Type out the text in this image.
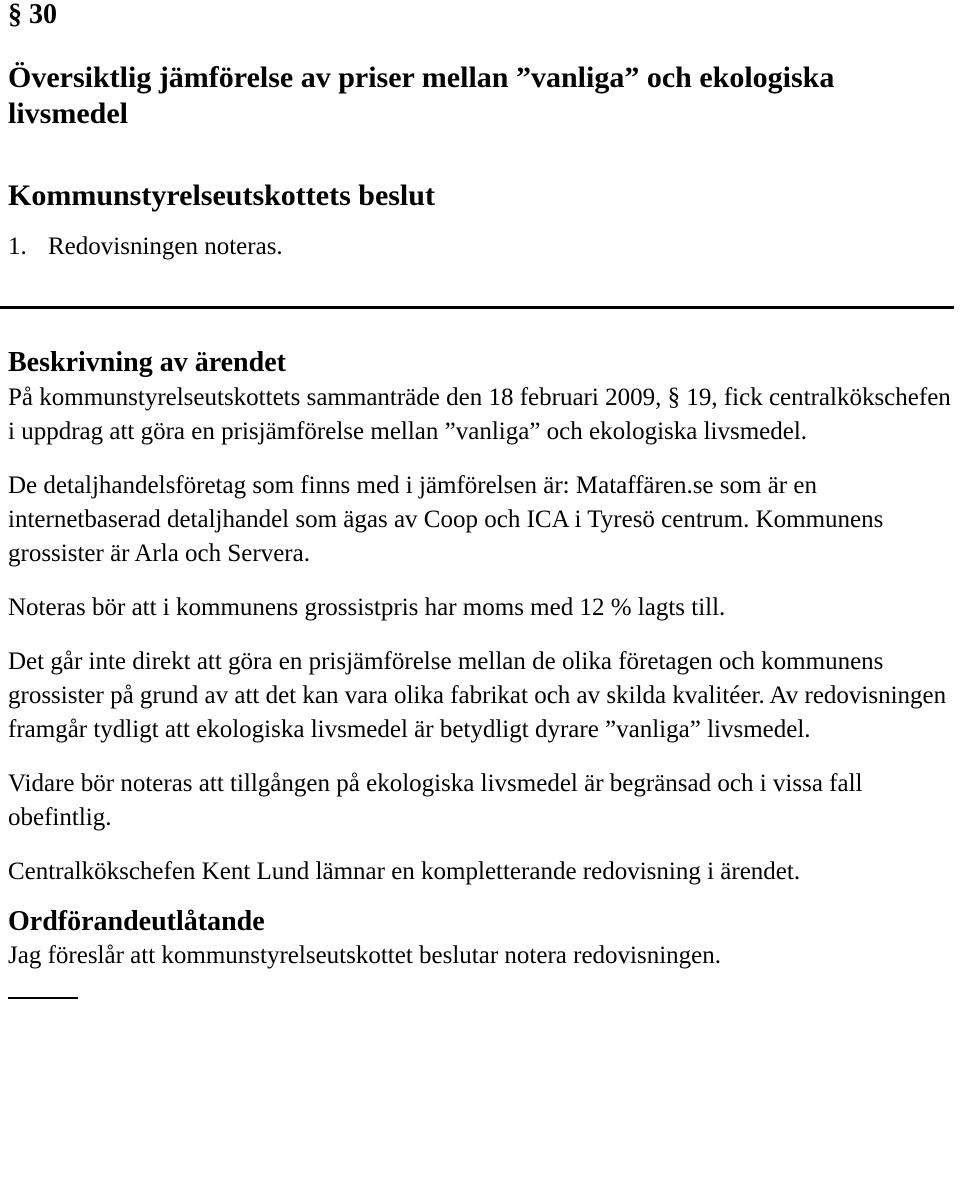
§ 30
Översiktlig jämförelse av priser mellan ”vanliga” och ekologiska
livsmedel
Kommunstyrelseutskottets beslut
1. Redovisningen noteras.
Beskrivning av ärendet

På kommunstyrelseutskottets sammanträde den 18 februari 2009, § 19, fick centralkökschefen i uppdrag att göra en prisjämförelse mellan ”vanliga” och ekologiska livsmedel.

De detaljhandelsföretag som finns med i jämförelsen är: Mataffären.se som är en internetbaserad detaljhandel som ägas av Coop och ICA i Tyresö centrum. Kommunens grossister är Arla och Servera.

Noteras bör att i kommunens grossistpris har moms med 12 % lagts till.

Det går inte direkt att göra en prisjämförelse mellan de olika företagen och kommunens grossister på grund av att det kan vara olika fabrikat och av skilda kvalitéer. Av redovisningen framgår tydligt att ekologiska livsmedel är betydligt dyrare ”vanliga” livsmedel.

Vidare bör noteras att tillgången på ekologiska livsmedel är begränsad och i vissa fall obefintlig.

Centralkökschefen Kent Lund lämnar en kompletterande redovisning i ärendet.

Ordförandeutlåtande

Jag föreslår att kommunstyrelseutskottet beslutar notera redovisningen.
